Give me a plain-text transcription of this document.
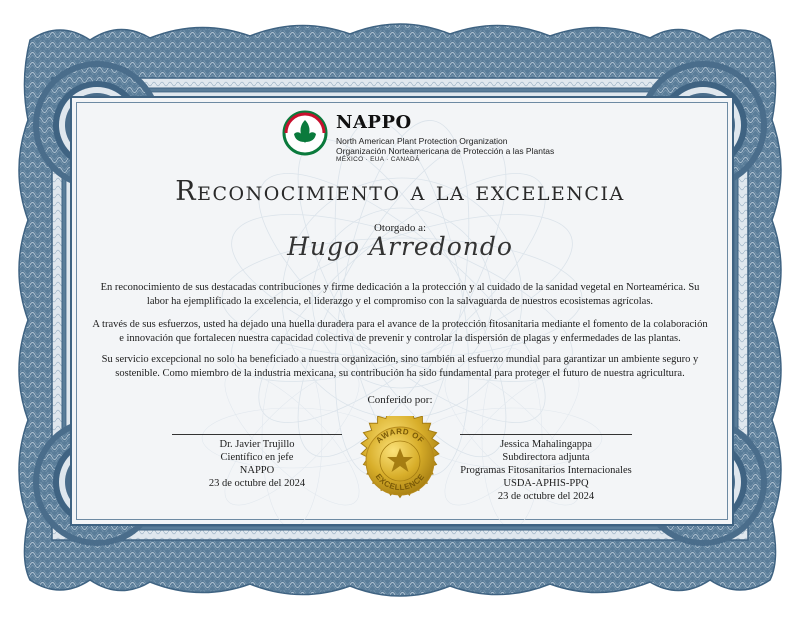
NAPPO
North American Plant Protection Organization
Organización Norteamericana de Protección a las Plantas
MÉXICO · EUA · CANADÁ
Reconocimiento a la excelencia
Otorgado a:
Hugo Arredondo
En reconocimiento de sus destacadas contribuciones y firme dedicación a la protección y al cuidado de la sanidad vegetal en Norteamérica. Su labor ha ejemplificado la excelencia, el liderazgo y el compromiso con la salvaguarda de nuestros ecosistemas agrícolas.
A través de sus esfuerzos, usted ha dejado una huella duradera para el avance de la protección fitosanitaria mediante el fomento de la colaboración e innovación que fortalecen nuestra capacidad colectiva de prevenir y controlar la dispersión de plagas y enfermedades de las plantas.
Su servicio excepcional no solo ha beneficiado a nuestra organización, sino también al esfuerzo mundial para garantizar un ambiente seguro y sostenible. Como miembro de la industria mexicana, su contribución ha sido fundamental para proteger el futuro de nuestra agricultura.
Conferido por:
Dr. Javier Trujillo
Científico en jefe
NAPPO
23 de octubre del 2024
Jessica Mahalingappa
Subdirectora adjunta
Programas Fitosanitarios Internacionales
USDA-APHIS-PPQ
23 de octubre del 2024
AWARD OF
EXCELLENCE
